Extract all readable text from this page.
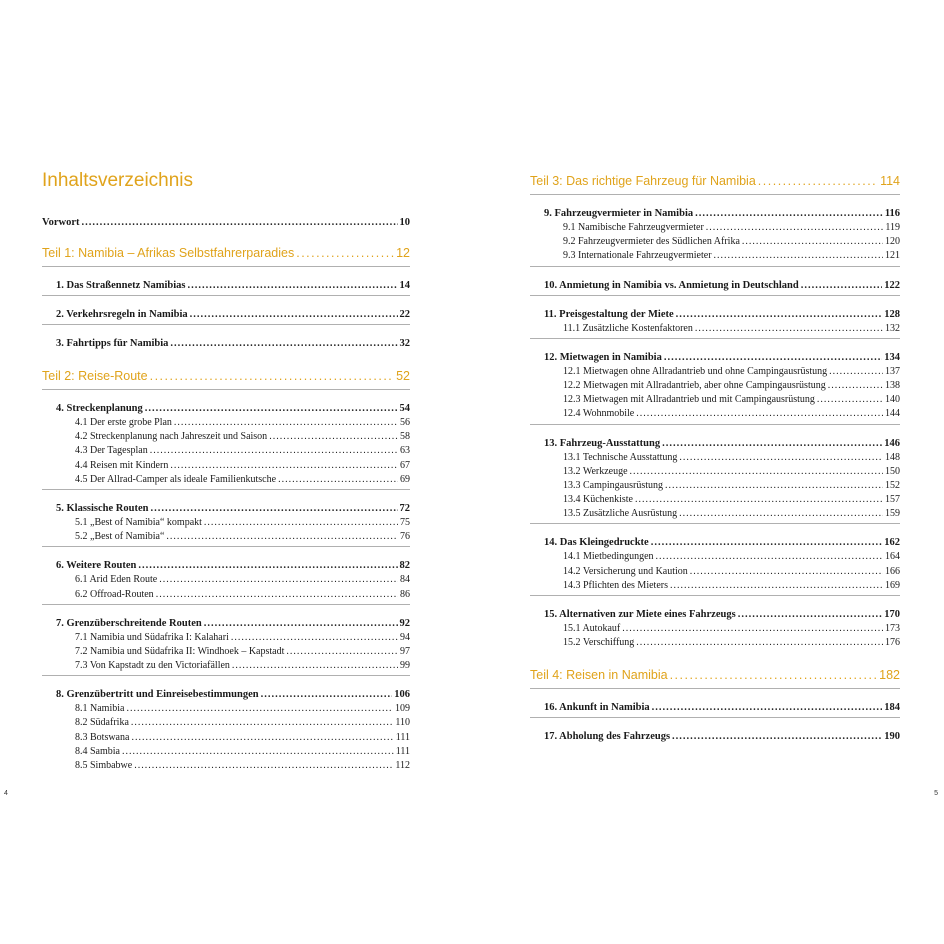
Inhaltsverzeichnis
Vorwort .....	10
Teil 1: Namibia – Afrikas Selbstfahrerparadies .....	12
1. Das Straßennetz Namibias .....	14
2. Verkehrsregeln in Namibia .....	22
3. Fahrtipps für Namibia .....	32
Teil 2: Reise-Route .....	52
4. Streckenplanung .....	54
4.1 Der erste grobe Plan .....	56
4.2 Streckenplanung nach Jahreszeit und Saison .....	58
4.3 Der Tagesplan .....	63
4.4 Reisen mit Kindern .....	67
4.5 Der Allrad-Camper als ideale Familienkutsche .....	69
5. Klassische Routen .....	72
5.1 „Best of Namibia“ kompakt .....	75
5.2 „Best of Namibia“ .....	76
6. Weitere Routen .....	82
6.1 Arid Eden Route .....	84
6.2 Offroad-Routen .....	86
7. Grenzüberschreitende Routen .....	92
7.1 Namibia und Südafrika I: Kalahari .....	94
7.2 Namibia und Südafrika II: Windhoek – Kapstadt .....	97
7.3 Von Kapstadt zu den Victoriafällen .....	99
8. Grenzübertritt und Einreisebestimmungen .....	106
8.1 Namibia .....	109
8.2 Südafrika .....	110
8.3 Botswana .....	111
8.4 Sambia .....	111
8.5 Simbabwe .....	112
4
Teil 3: Das richtige Fahrzeug für Namibia .....	114
9. Fahrzeugvermieter in Namibia .....	116
9.1 Namibische Fahrzeugvermieter .....	119
9.2 Fahrzeugvermieter des Südlichen Afrika .....	120
9.3 Internationale Fahrzeugvermieter .....	121
10. Anmietung in Namibia vs. Anmietung in Deutschland .....	122
11. Preisgestaltung der Miete .....	128
11.1 Zusätzliche Kostenfaktoren .....	132
12. Mietwagen in Namibia .....	134
12.1 Mietwagen ohne Allradantrieb und ohne Campingausrüstung .....	137
12.2 Mietwagen mit Allradantrieb, aber ohne Campingausrüstung .....	138
12.3 Mietwagen mit Allradantrieb und mit Campingausrüstung .....	140
12.4 Wohnmobile .....	144
13. Fahrzeug-Ausstattung .....	146
13.1 Technische Ausstattung .....	148
13.2 Werkzeuge .....	150
13.3 Campingausrüstung .....	152
13.4 Küchenkiste .....	157
13.5 Zusätzliche Ausrüstung .....	159
14. Das Kleingedruckte .....	162
14.1 Mietbedingungen .....	164
14.2 Versicherung und Kaution .....	166
14.3 Pflichten des Mieters .....	169
15. Alternativen zur Miete eines Fahrzeugs .....	170
15.1 Autokauf .....	173
15.2 Verschiffung .....	176
Teil 4: Reisen in Namibia .....	182
16. Ankunft in Namibia .....	184
17. Abholung des Fahrzeugs .....	190
5
